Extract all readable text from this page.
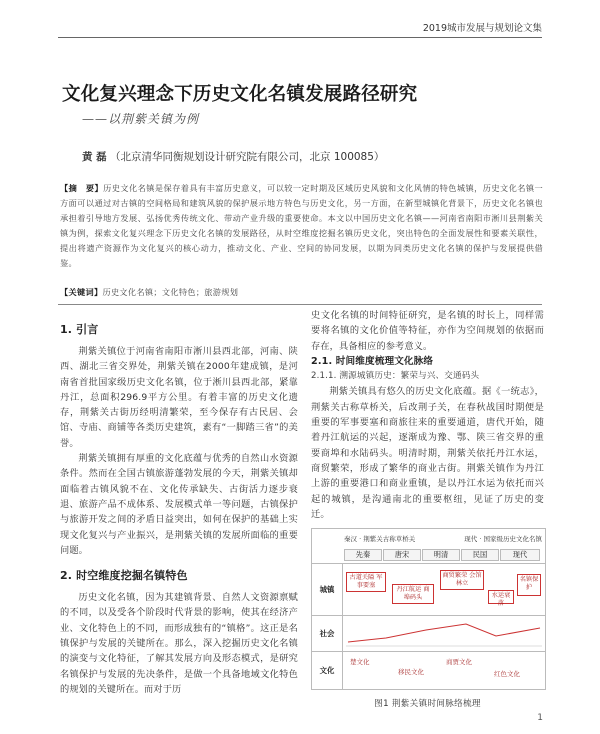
2019城市发展与规划论文集
文化复兴理念下历史文化名镇发展路径研究
——以荆紫关镇为例
黄 磊 （北京清华同衡规划设计研究院有限公司，北京 100085）
【摘　要】历史文化名镇是保存着具有丰富历史意义，可以较一定时期及区域历史风貌和文化风情的特色城镇，历史文化名镇一方面可以通过对古镇的空间格局和建筑风貌的保护展示地方特色与历史文化，另一方面，在新型城镇化背景下，历史文化名镇也承担着引导地方发展、弘扬优秀传统文化、带动产业升级的重要使命。本文以中国历史文化名镇——河南省南阳市淅川县荆紫关镇为例，探索文化复兴理念下历史文化名镇的发展路径，从时空维度挖掘名镇历史文化，突出特色的全面发展性和要素关联性，提出将遗产资源作为文化复兴的核心动力，推动文化、产业、空间的协同发展，以期为同类历史文化名镇的保护与发展提供借鉴。
【关键词】历史文化名镇；文化特色；旅游规划
1. 引言

荆紫关镇位于河南省南阳市淅川县西北部，河南、陕西、湖北三省交界处，荆紫关镇在2000年建成镇，是河南省首批国家级历史文化名镇，位于淅川县西北部，紧靠丹江，总面积296.9平方公里。有着丰富的历史文化遗存，荆紫关古街历经明清繁荣，至今保存有古民居、会馆、寺庙、商铺等各类历史建筑，素有“一脚踏三省”的美誉。

荆紫关镇拥有厚重的文化底蕴与优秀的自然山水资源条件。然而在全国古镇旅游蓬勃发展的今天，荆紫关镇却面临着古镇风貌不在、文化传承缺失、古街活力逐步衰退、旅游产品不成体系、发展模式单一等问题，古镇保护与旅游开发之间的矛盾日益突出，如何在保护的基础上实现文化复兴与产业振兴，是荆紫关镇的发展所面临的重要问题。

2. 时空维度挖掘名镇特色

历史文化名镇，因为其建镇背景、自然人文资源禀赋的不同，以及受各个阶段时代背景的影响，使其在经济产业、文化特色上的不同，而形成独有的“镇格”。这正是名镇保护与发展的关键所在。那么，深入挖掘历史文化名镇的演变与文化特征，了解其发展方向及形态模式，是研究名镇保护与发展的先决条件，是做一个具备地域文化特色的规划的关键所在。而对于历

史文化名镇的时间特征研究，是名镇的时长上，同样需要将名镇的文化价值等特征，亦作为空间规划的依据而存在，具备相应的参考意义。

2.1. 时间维度梳理文化脉络

2.1.1. 溯源城镇历史：繁荣与兴、交通码头

荆紫关镇具有悠久的历史文化底蕴。据《一统志》，荆紫关古称草桥关，后改荆子关，在春秋战国时期便是重要的军事要塞和商旅往来的重要通道，唐代开始，随着丹江航运的兴起，逐渐成为豫、鄂、陕三省交界的重要商埠和水陆码头。明清时期，荆紫关依托丹江水运，商贸繁荣，形成了繁华的商业古街。荆紫关镇作为丹江上游的重要港口和商业重镇，是以丹江水运为依托而兴起的城镇，是沟通南北的重要枢纽，见证了历史的变迁。

秦汉 · 荆紫关古称草桥关	现代 · 国家级历史文化名镇
先秦	唐宋	明清	民国	现代
城镇
古道关隘 军事要塞
丹江航运 商埠码头
商贸繁荣 会馆林立
水运衰落
名镇保护
社会
文化
楚文化
移民文化
商贾文化
红色文化
图1 荆紫关镇时间脉络梳理
1
